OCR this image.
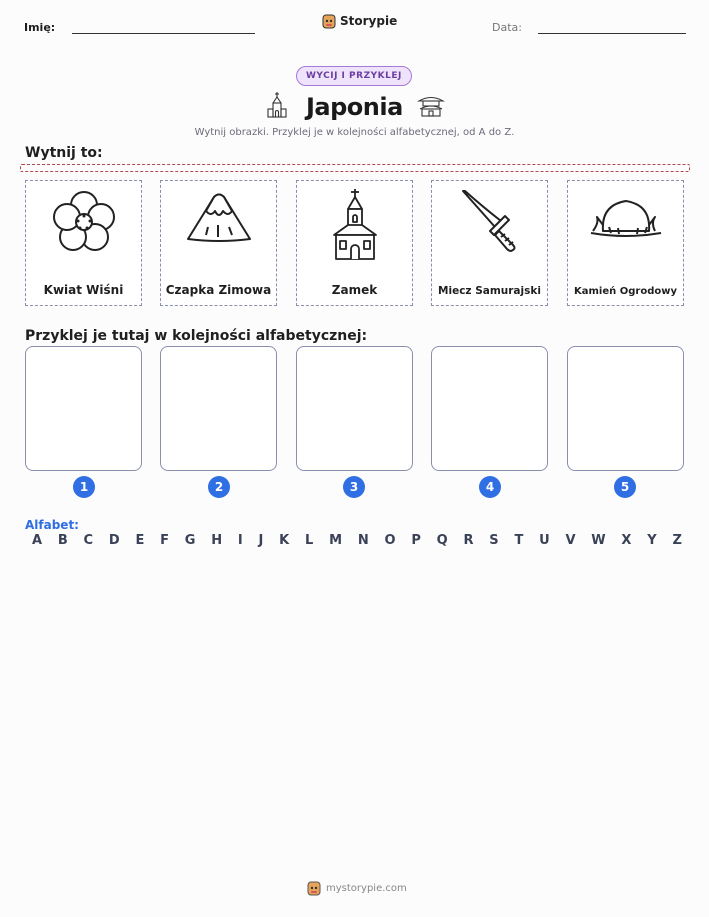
Imię:	Storypie	Data:
WYCIJ I PRZYKLEJ
Japonia
Wytnij obrazki. Przyklej je w kolejności alfabetycznej, od A do Z.
Wytnij to:
Kwiat Wiśni	Czapka Zimowa	Zamek	Miecz Samurajski	Kamień Ogrodowy
Przyklej je tutaj w kolejności alfabetycznej:
1	2	3	4	5
Alfabet:
A B C D E F G H I J K L M N O P Q R S T U V W X Y Z
mystorypie.com
